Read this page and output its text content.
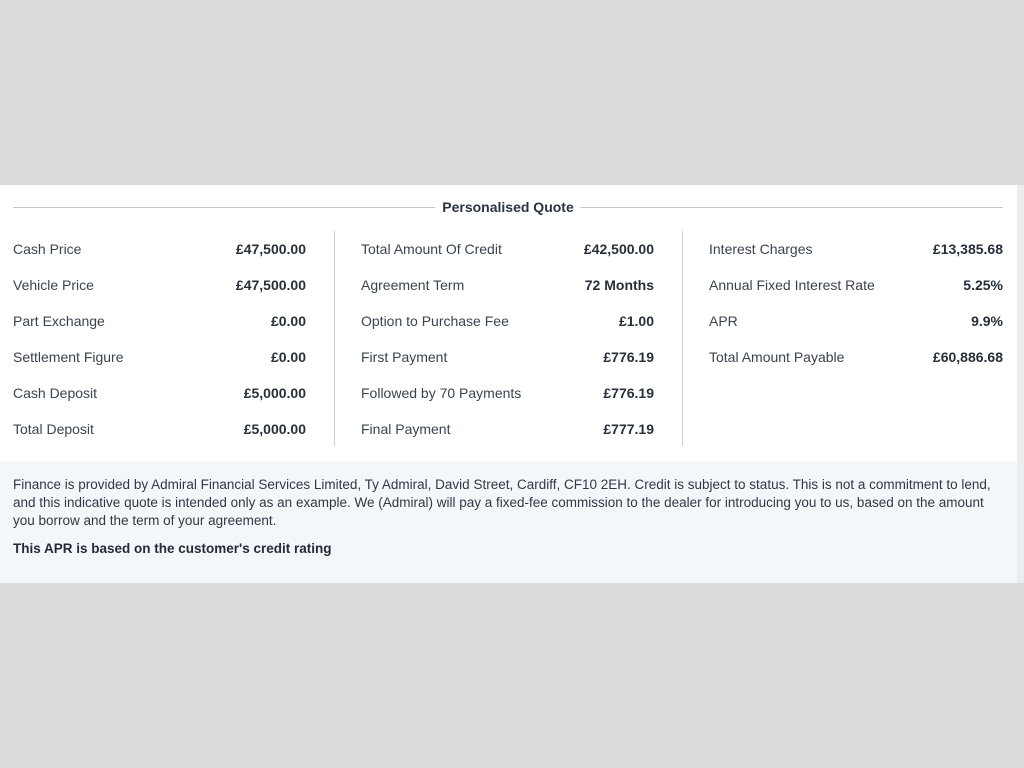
Personalised Quote
Cash Price	£47,500.00
Vehicle Price	£47,500.00
Part Exchange	£0.00
Settlement Figure	£0.00
Cash Deposit	£5,000.00
Total Deposit	£5,000.00
Total Amount Of Credit	£42,500.00
Agreement Term	72 Months
Option to Purchase Fee	£1.00
First Payment	£776.19
Followed by 70 Payments	£776.19
Final Payment	£777.19
Interest Charges	£13,385.68
Annual Fixed Interest Rate	5.25%
APR	9.9%
Total Amount Payable	£60,886.68

Finance is provided by Admiral Financial Services Limited, Ty Admiral, David Street, Cardiff, CF10 2EH. Credit is subject to status. This is not a commitment to lend, and this indicative quote is intended only as an example. We (Admiral) will pay a fixed-fee commission to the dealer for introducing you to us, based on the amount you borrow and the term of your agreement.

This APR is based on the customer's credit rating
